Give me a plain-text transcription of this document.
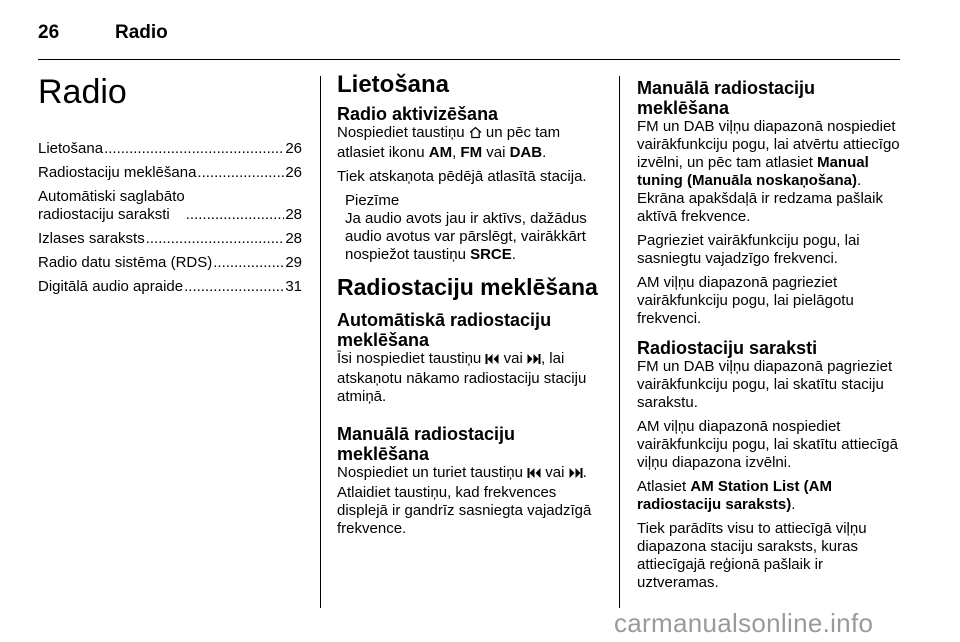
26	Radio
Radio
Lietošana .....	26
Radiostaciju meklēšana .....	26
Automātiski saglabāto
radiostaciju saraksti .....	28
Izlases saraksts .....	28
Radio datu sistēma (RDS) .....	29
Digitālā audio apraide .....	31
Lietošana
Radio aktivizēšana

Nospiediet taustiņu  un pēc tam atlasiet ikonu AM, FM vai DAB.

Tiek atskaņota pēdējā atlasītā stacija.

Piezīme
Ja audio avots jau ir aktīvs, dažādus audio avotus var pārslēgt, vairākkārt nospiežot taustiņu SRCE.
Radiostaciju meklēšana
Automātiskā radiostaciju meklēšana

Īsi nospiediet taustiņu  vai , lai atskaņotu nākamo radiostaciju staciju atmiņā.

Manuālā radiostaciju meklēšana

Nospiediet un turiet taustiņu  vai . Atlaidiet taustiņu, kad frekvences displejā ir gandrīz sasniegta vajadzīgā frekvence.

Manuālā radiostaciju meklēšana

FM un DAB viļņu diapazonā nospiediet vairākfunkciju pogu, lai atvērtu attiecīgo izvēlni, un pēc tam atlasiet Manual tuning (Manuāla noskaņošana). Ekrāna apakšdaļā ir redzama pašlaik aktīvā frekvence.

Pagrieziet vairākfunkciju pogu, lai sasniegtu vajadzīgo frekvenci.

AM viļņu diapazonā pagrieziet vairākfunkciju pogu, lai pielāgotu frekvenci.

Radiostaciju saraksti

FM un DAB viļņu diapazonā pagrieziet vairākfunkciju pogu, lai skatītu staciju sarakstu.

AM viļņu diapazonā nospiediet vairākfunkciju pogu, lai skatītu attiecīgā viļņu diapazona izvēlni.

Atlasiet AM Station List (AM radiostaciju saraksts).

Tiek parādīts visu to attiecīgā viļņu diapazona staciju saraksts, kuras attiecīgajā reģionā pašlaik ir uztveramas.

carmanualsonline.info
